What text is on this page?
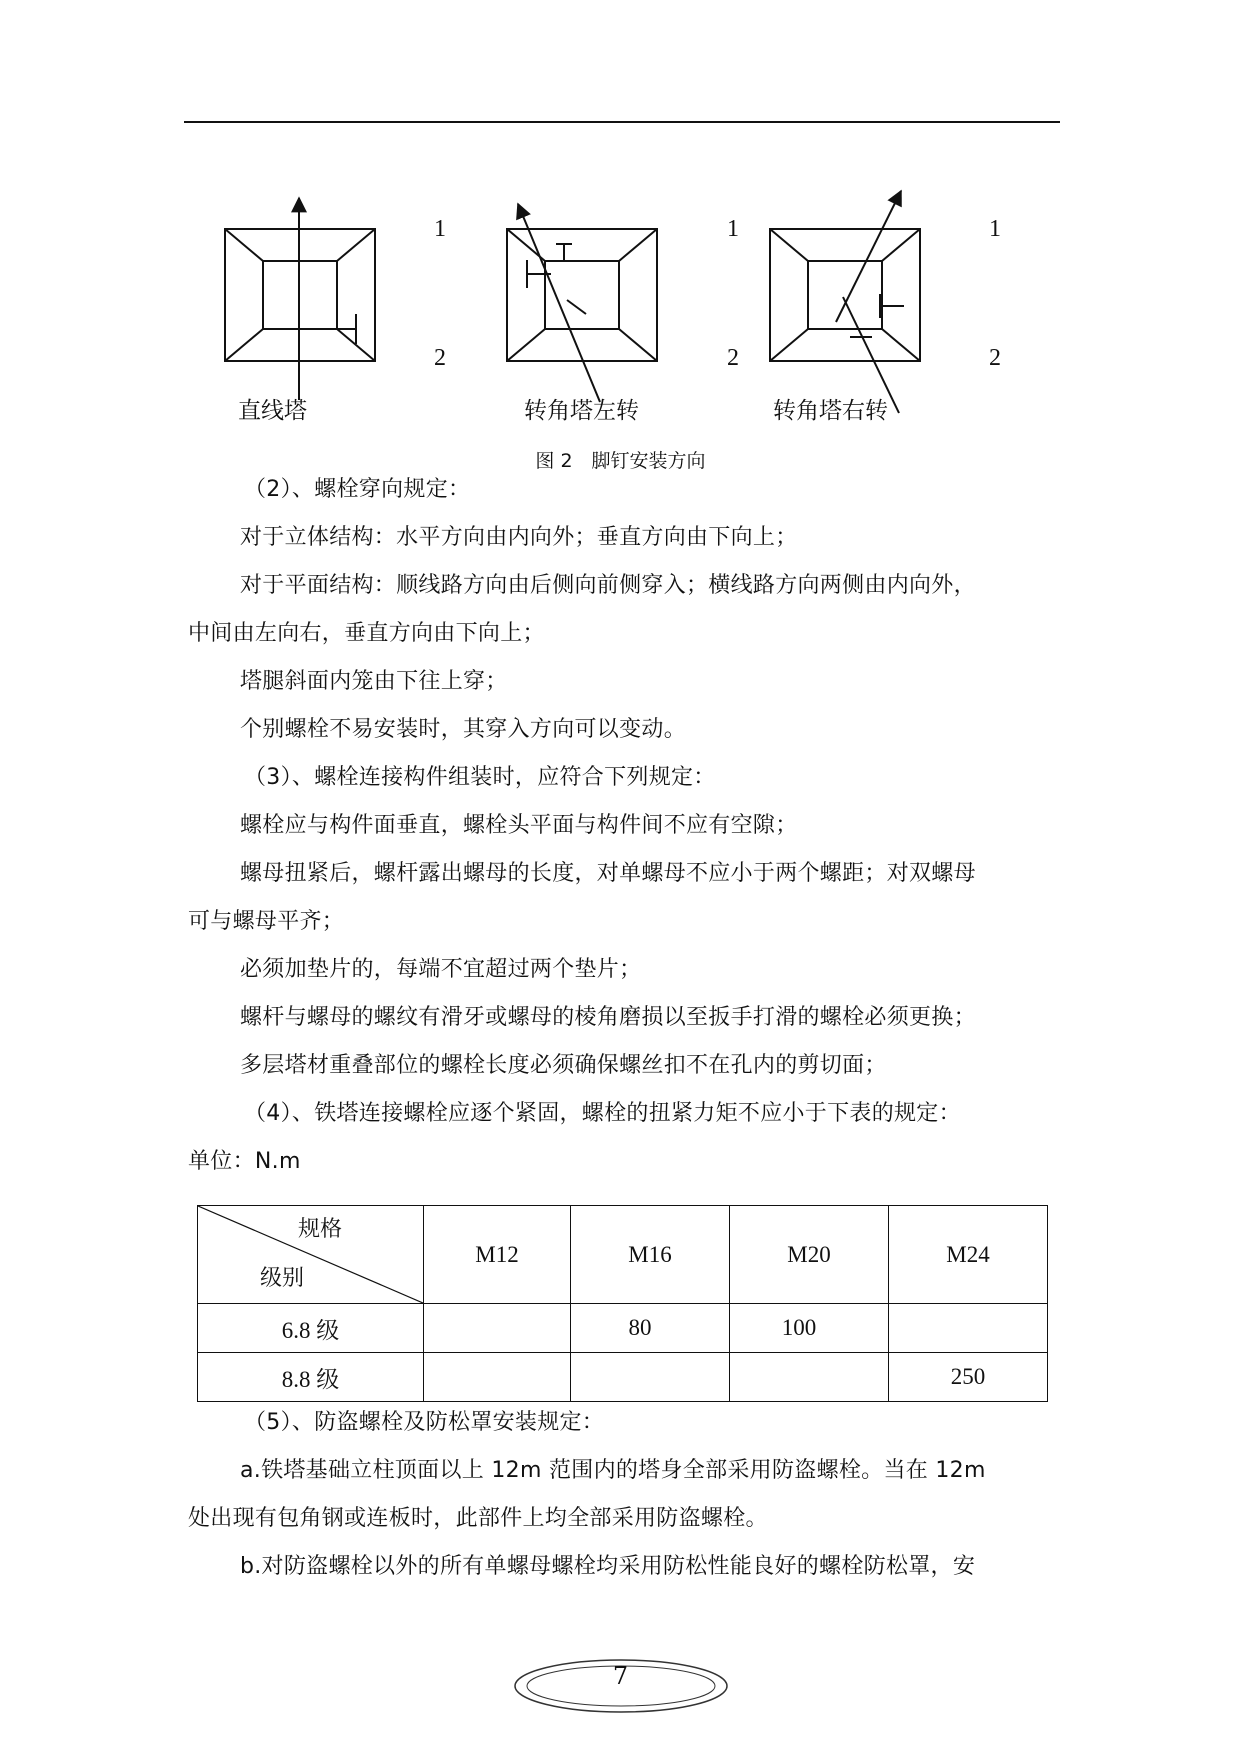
1
2
1
2
1
2
直线塔	转角塔左转	转角塔右转
图 2　脚钉安装方向
（2）、螺栓穿向规定：
对于立体结构：水平方向由内向外；垂直方向由下向上；
对于平面结构：顺线路方向由后侧向前侧穿入；横线路方向两侧由内向外，
中间由左向右，垂直方向由下向上；
塔腿斜面内笼由下往上穿；
个别螺栓不易安装时，其穿入方向可以变动。
（3）、螺栓连接构件组装时，应符合下列规定：
螺栓应与构件面垂直，螺栓头平面与构件间不应有空隙；
螺母扭紧后，螺杆露出螺母的长度，对单螺母不应小于两个螺距；对双螺母
可与螺母平齐；
必须加垫片的，每端不宜超过两个垫片；
螺杆与螺母的螺纹有滑牙或螺母的棱角磨损以至扳手打滑的螺栓必须更换；
多层塔材重叠部位的螺栓长度必须确保螺丝扣不在孔内的剪切面；
（4）、铁塔连接螺栓应逐个紧固，螺栓的扭紧力矩不应小于下表的规定：
单位：N.m
规格
级别	M12	M16	M20	M24
6.8 级		80	100	
8.8 级				250
（5）、防盗螺栓及防松罩安装规定：
a.铁塔基础立柱顶面以上 12m 范围内的塔身全部采用防盗螺栓。当在 12m
处出现有包角钢或连板时，此部件上均全部采用防盗螺栓。
b.对防盗螺栓以外的所有单螺母螺栓均采用防松性能良好的螺栓防松罩，安
7
